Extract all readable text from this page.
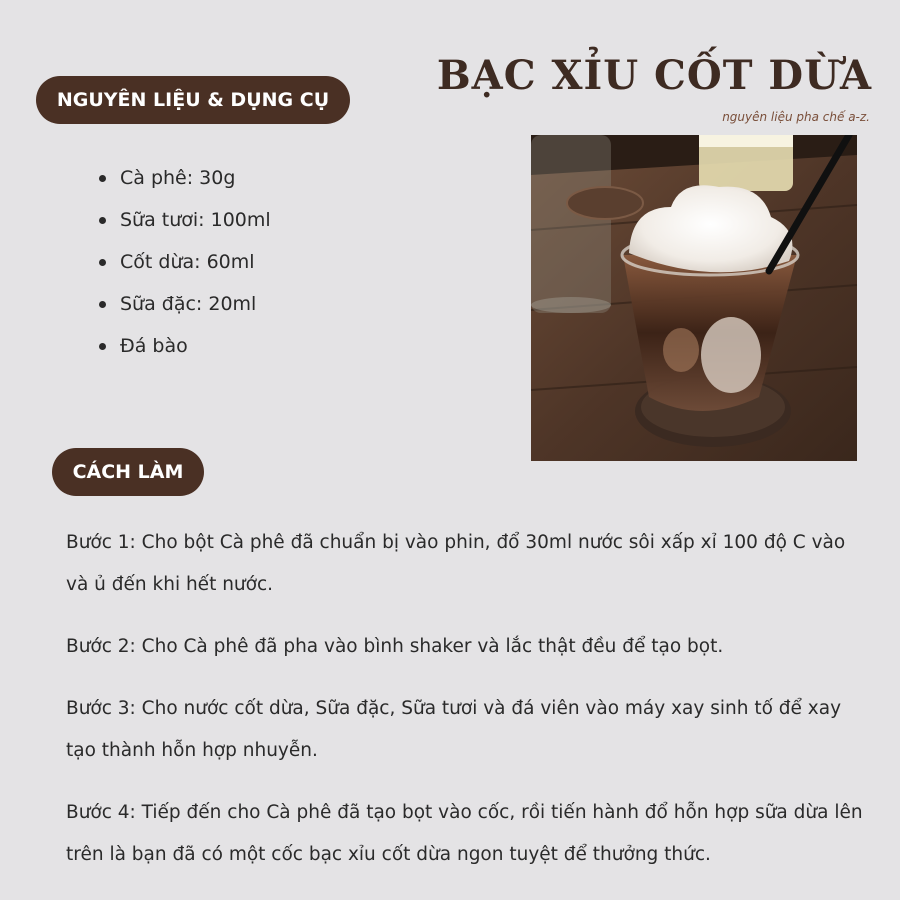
BẠC XỈU CỐT DỪA
nguyên liệu pha chế a-z.
NGUYÊN LIỆU & DỤNG CỤ
Cà phê: 30g
Sữa tươi: 100ml
Cốt dừa: 60ml
Sữa đặc: 20ml
Đá bào
CÁCH LÀM

Bước 1: Cho bột Cà phê đã chuẩn bị vào phin, đổ 30ml nước sôi xấp xỉ 100 độ C vào và ủ đến khi hết nước.

Bước 2: Cho Cà phê đã pha vào bình shaker và lắc thật đều để tạo bọt.

Bước 3: Cho nước cốt dừa, Sữa đặc, Sữa tươi và đá viên vào máy xay sinh tố để xay tạo thành hỗn hợp nhuyễn.

Bước 4: Tiếp đến cho Cà phê đã tạo bọt vào cốc, rồi tiến hành đổ hỗn hợp sữa dừa lên trên là bạn đã có một cốc bạc xỉu cốt dừa ngon tuyệt để thưởng thức.
